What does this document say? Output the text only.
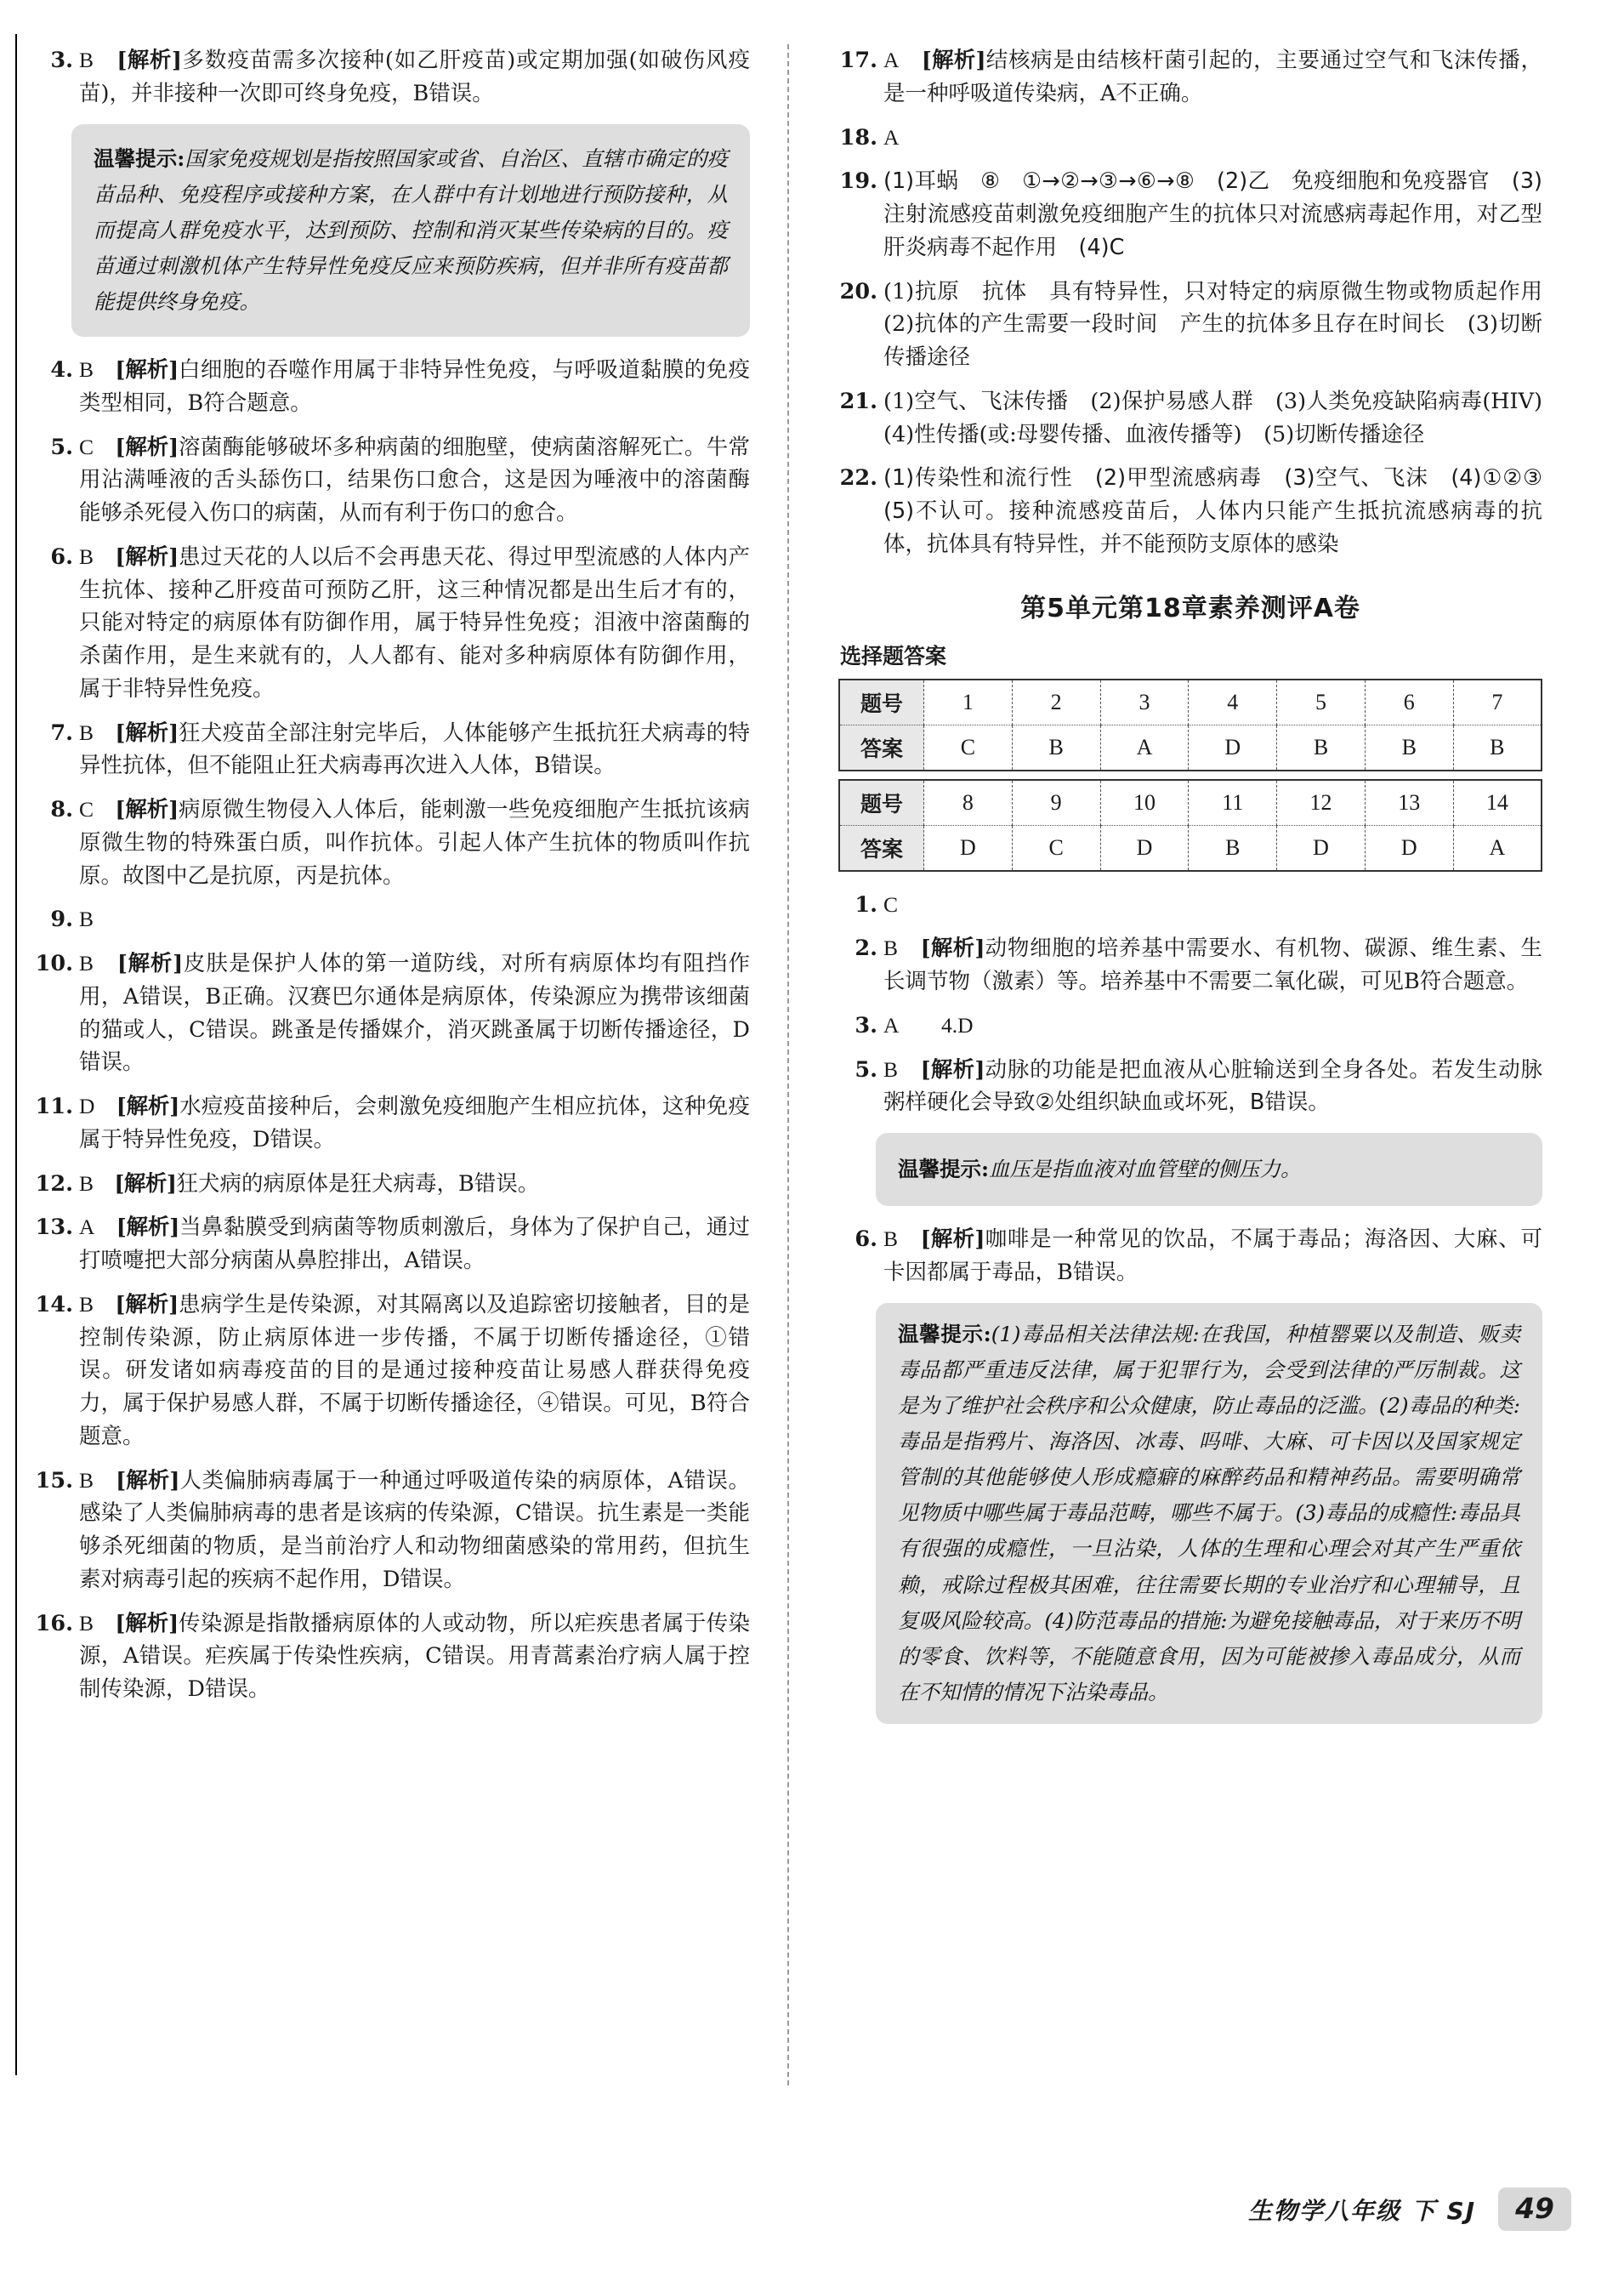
3. B [解析]多数疫苗需多次接种(如乙肝疫苗)或定期加强(如破伤风疫苗)，并非接种一次即可终身免疫，B错误。
温馨提示:国家免疫规划是指按照国家或省、自治区、直辖市确定的疫苗品种、免疫程序或接种方案，在人群中有计划地进行预防接种，从而提高人群免疫水平，达到预防、控制和消灭某些传染病的目的。疫苗通过刺激机体产生特异性免疫反应来预防疾病，但并非所有疫苗都能提供终身免疫。
4. B [解析]白细胞的吞噬作用属于非特异性免疫，与呼吸道黏膜的免疫类型相同，B符合题意。
5. C [解析]溶菌酶能够破坏多种病菌的细胞壁，使病菌溶解死亡。牛常用沾满唾液的舌头舔伤口，结果伤口愈合，这是因为唾液中的溶菌酶能够杀死侵入伤口的病菌，从而有利于伤口的愈合。
6. B [解析]患过天花的人以后不会再患天花、得过甲型流感的人体内产生抗体、接种乙肝疫苗可预防乙肝，这三种情况都是出生后才有的，只能对特定的病原体有防御作用，属于特异性免疫；泪液中溶菌酶的杀菌作用，是生来就有的，人人都有、能对多种病原体有防御作用，属于非特异性免疫。
7. B [解析]狂犬疫苗全部注射完毕后，人体能够产生抵抗狂犬病毒的特异性抗体，但不能阻止狂犬病毒再次进入人体，B错误。
8. C [解析]病原微生物侵入人体后，能刺激一些免疫细胞产生抵抗该病原微生物的特殊蛋白质，叫作抗体。引起人体产生抗体的物质叫作抗原。故图中乙是抗原，丙是抗体。
9. B
10. B [解析]皮肤是保护人体的第一道防线，对所有病原体均有阻挡作用，A错误，B正确。汉赛巴尔通体是病原体，传染源应为携带该细菌的猫或人，C错误。跳蚤是传播媒介，消灭跳蚤属于切断传播途径，D错误。
11. D [解析]水痘疫苗接种后，会刺激免疫细胞产生相应抗体，这种免疫属于特异性免疫，D错误。
12. B [解析]狂犬病的病原体是狂犬病毒，B错误。
13. A [解析]当鼻黏膜受到病菌等物质刺激后，身体为了保护自己，通过打喷嚏把大部分病菌从鼻腔排出，A错误。
14. B [解析]患病学生是传染源，对其隔离以及追踪密切接触者，目的是控制传染源，防止病原体进一步传播，不属于切断传播途径，①错误。研发诸如病毒疫苗的目的是通过接种疫苗让易感人群获得免疫力，属于保护易感人群，不属于切断传播途径，④错误。可见，B符合题意。
15. B [解析]人类偏肺病毒属于一种通过呼吸道传染的病原体，A错误。感染了人类偏肺病毒的患者是该病的传染源，C错误。抗生素是一类能够杀死细菌的物质，是当前治疗人和动物细菌感染的常用药，但抗生素对病毒引起的疾病不起作用，D错误。
16. B [解析]传染源是指散播病原体的人或动物，所以疟疾患者属于传染源，A错误。疟疾属于传染性疾病，C错误。用青蒿素治疗病人属于控制传染源，D错误。
17. A [解析]结核病是由结核杆菌引起的，主要通过空气和飞沫传播，是一种呼吸道传染病，A不正确。
18. A
19. (1)耳蜗　⑧　①→②→③→⑥→⑧　(2)乙　免疫细胞和免疫器官　(3)注射流感疫苗刺激免疫细胞产生的抗体只对流感病毒起作用，对乙型肝炎病毒不起作用　(4)C
20. (1)抗原　抗体　具有特异性，只对特定的病原微生物或物质起作用　(2)抗体的产生需要一段时间　产生的抗体多且存在时间长　(3)切断传播途径
21. (1)空气、飞沫传播　(2)保护易感人群　(3)人类免疫缺陷病毒(HIV)　(4)性传播(或:母婴传播、血液传播等)　(5)切断传播途径
22. (1)传染性和流行性　(2)甲型流感病毒　(3)空气、飞沫　(4)①②③　(5)不认可。接种流感疫苗后，人体内只能产生抵抗流感病毒的抗体，抗体具有特异性，并不能预防支原体的感染
第5单元第18章素养测评A卷
选择题答案
题号	1	2	3	4	5	6	7
答案	C	B	A	D	B	B	B

题号	8	9	10	11	12	13	14
答案	D	C	D	B	D	D	A
1. C
2. B [解析]动物细胞的培养基中需要水、有机物、碳源、维生素、生长调节物（激素）等。培养基中不需要二氧化碳，可见B符合题意。
3. A　　4.D
5. B [解析]动脉的功能是把血液从心脏输送到全身各处。若发生动脉粥样硬化会导致②处组织缺血或坏死，B错误。
温馨提示:血压是指血液对血管壁的侧压力。
6. B [解析]咖啡是一种常见的饮品，不属于毒品；海洛因、大麻、可卡因都属于毒品，B错误。
温馨提示:(1)毒品相关法律法规:在我国，种植罂粟以及制造、贩卖毒品都严重违反法律，属于犯罪行为，会受到法律的严厉制裁。这是为了维护社会秩序和公众健康，防止毒品的泛滥。(2)毒品的种类:毒品是指鸦片、海洛因、冰毒、吗啡、大麻、可卡因以及国家规定管制的其他能够使人形成瘾癖的麻醉药品和精神药品。需要明确常见物质中哪些属于毒品范畴，哪些不属于。(3)毒品的成瘾性:毒品具有很强的成瘾性，一旦沾染，人体的生理和心理会对其产生严重依赖，戒除过程极其困难，往往需要长期的专业治疗和心理辅导，且复吸风险较高。(4)防范毒品的措施:为避免接触毒品，对于来历不明的零食、饮料等，不能随意食用，因为可能被掺入毒品成分，从而在不知情的情况下沾染毒品。
生物学八年级 下 SJ	49
